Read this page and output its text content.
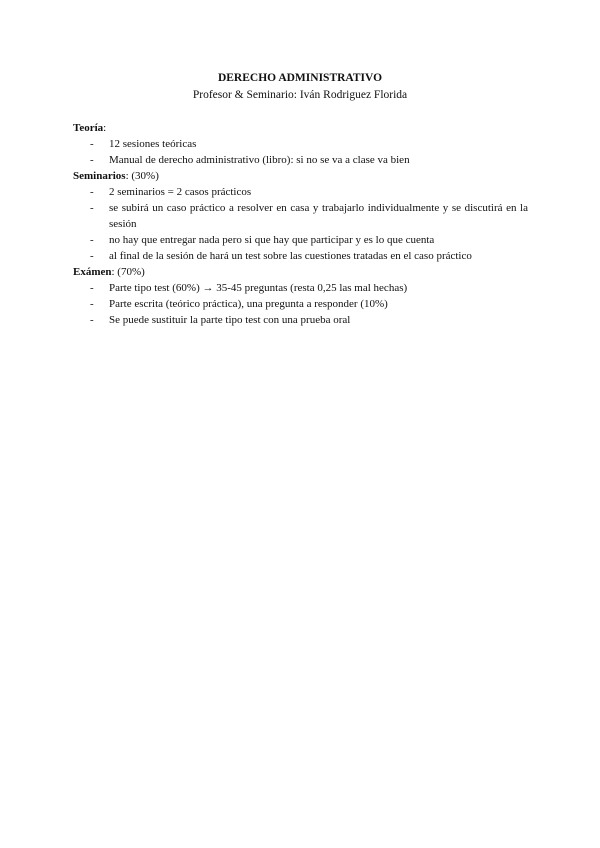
DERECHO ADMINISTRATIVO
Profesor & Seminario: Iván Rodriguez Florida

Teoría:

- 12 sesiones teóricas
- Manual de derecho administrativo (libro): si no se va a clase va bien

Seminarios: (30%)

- 2 seminarios = 2 casos prácticos
- se subirá un caso práctico a resolver en casa y trabajarlo individualmente y se discutirá en la sesión
- no hay que entregar nada pero si que hay que participar y es lo que cuenta
- al final de la sesión de hará un test sobre las cuestiones tratadas en el caso práctico

Exámen: (70%)

- Parte tipo test (60%) → 35-45 preguntas (resta 0,25 las mal hechas)
- Parte escrita (teórico práctica), una pregunta a responder (10%)
- Se puede sustituir la parte tipo test con una prueba oral
